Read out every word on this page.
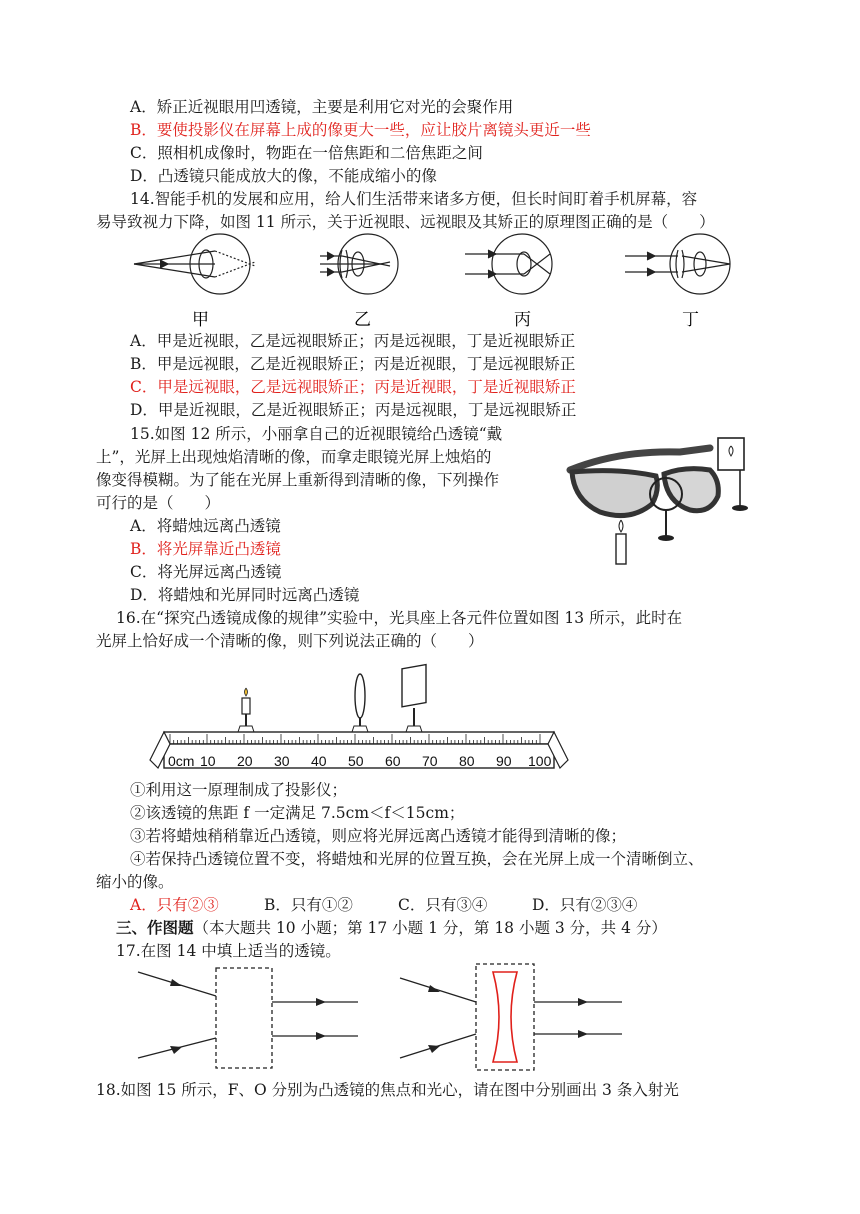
A．矫正近视眼用凹透镜，主要是利用它对光的会聚作用
B．要使投影仪在屏幕上成的像更大一些，应让胶片离镜头更近一些
C．照相机成像时，物距在一倍焦距和二倍焦距之间
D．凸透镜只能成放大的像，不能成缩小的像
14.智能手机的发展和应用，给人们生活带来诸多方便，但长时间盯着手机屏幕，容
易导致视力下降，如图 11 所示，关于近视眼、远视眼及其矫正的原理图正确的是（　　）
甲	乙	丙	丁
A．甲是近视眼，乙是远视眼矫正；丙是远视眼，丁是近视眼矫正
B．甲是远视眼，乙是近视眼矫正；丙是近视眼，丁是远视眼矫正
C．甲是远视眼，乙是远视眼矫正；丙是近视眼，丁是近视眼矫正
D．甲是近视眼，乙是近视眼矫正；丙是远视眼，丁是远视眼矫正
15.如图 12 所示，小丽拿自己的近视眼镜给凸透镜“戴
上”，光屏上出现烛焰清晰的像，而拿走眼镜光屏上烛焰的
像变得模糊。为了能在光屏上重新得到清晰的像，下列操作
可行的是（　　）
A．将蜡烛远离凸透镜
B．将光屏靠近凸透镜
C．将光屏远离凸透镜
D．将蜡烛和光屏同时远离凸透镜
16.在“探究凸透镜成像的规律”实验中，光具座上各元件位置如图 13 所示，此时在
光屏上恰好成一个清晰的像，则下列说法正确的（　　）
0cm 10 20 30 40 50 60 70 80 90 100
①利用这一原理制成了投影仪；
②该透镜的焦距 f 一定满足 7.5cm＜f＜15cm；
③若将蜡烛稍稍靠近凸透镜，则应将光屏远离凸透镜才能得到清晰的像；
④若保持凸透镜位置不变，将蜡烛和光屏的位置互换，会在光屏上成一个清晰倒立、
缩小的像。
A．只有②③	B．只有①②	C．只有③④	D．只有②③④
三、作图题（本大题共 10 小题；第 17 小题 1 分，第 18 小题 3 分，共 4 分）
17.在图 14 中填上适当的透镜。
18.如图 15 所示，F、O 分别为凸透镜的焦点和光心，请在图中分别画出 3 条入射光
